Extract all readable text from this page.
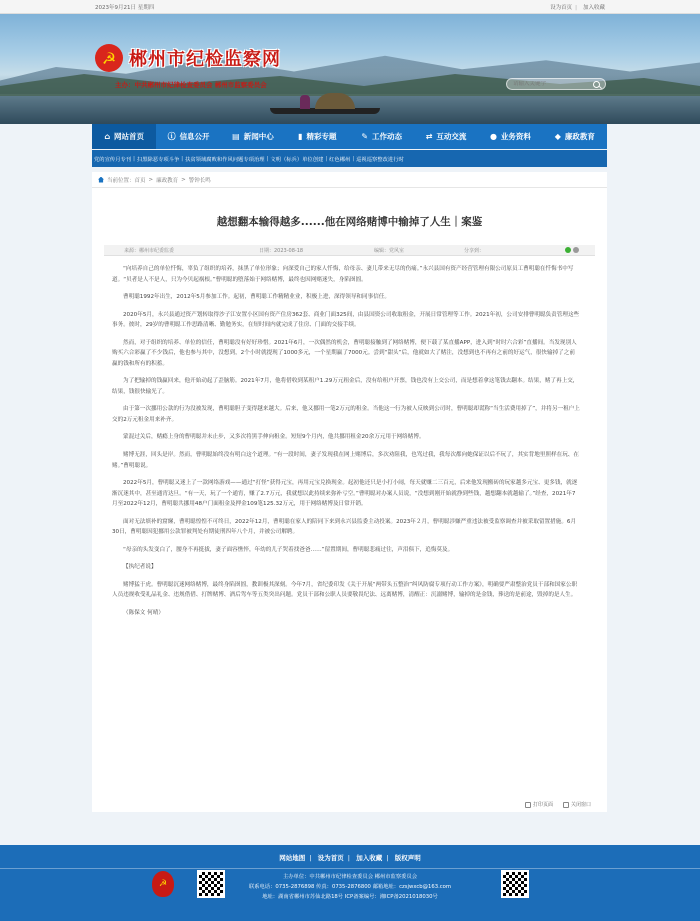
2023年9月21日 星期四	设为首页 | 加入收藏
☭ 郴州市纪检监察网
主办：中共郴州市纪律检查委员会 郴州市监察委员会
请输入关键字
⌂ 网站首页	ⓘ 信息公开	▤ 新闻中心	▮ 精彩专题	✎ 工作动态	⇄ 互动交流	● 业务资料	◆ 廉政教育
党的宣传月专刊 | 扫黑除恶专项斗争 | 扶贫领域腐败和作风问题专项治理 | 文明（标兵）单位创建 | 红色郴州 | 巡视巡察整改进行时
当前位置： 首页 > 廉政教育 > 警钟长鸣
越想翻本输得越多......他在网络赌博中输掉了人生｜案鉴
来源：郴州市纪委监委	日期：2023-08-18	编辑：党风室	分享到：

“向培养自己的单位忏悔，辜负了组织的培养，抹黑了单位形象；向深爱自己的家人忏悔，给母亲、妻儿带来无尽的伤痛。”永兴县国有资产经营管理有限公司原员工曹明聪在忏悔书中写道。“贝者是人不是人，只为今贝起祸根。”曹明聪的堕落始于网络赌博，最终也因网赌迷失，身陷囹圄。

曹明聪1992年出生，2012年5月参加工作。起初，曹明聪工作精精业业，积极上进，深得领导和同事信任。

2020年5月，永兴县通过资产划转取得沙子江安置小区国有资产住房362套、商业门面325间，由县国资公司收取租金，开展日常管理等工作。2021年初，公司安排曹明聪负责管理这些事务。彼时，29岁的曹明聪工作思路清晰、勤勉务实，在短时间内就完成了住房、门面的交接手续。

然而，对于组织的培养、单位的信任，曹明聪没有好好珍惜。2021年6月，一次偶然的机会，曹明聪接触到了网络赌博，便下载了某直播APP，进入到“时时六合彩”直播间。当发现别人购买六合彩赢了不少钱后，他也参与其中，没想到，2个小时就提现了1000多元，一个星期赢了7000元。尝到“甜头”后，他就如大了赌注，没想到也不再有之前的好运气，很快输掉了之前赢的钱和所有的积蓄。

为了把输掉的钱赢回来，他开始动起了歪脑筋。2021年7月，他将借收到某租户1.29万元租金后，没有给租户开票，钱也没有上交公司，而是想着拿这笔钱去翻本。结果，赌了再上交，结果，钱很快输光了。

由于第一次挪用公款的行为没被发现，曹明聪胆子变得越来越大。后来，他又挪用一笔2万元的租金。当他这一行为被人反映到公司时，曹明聪却谎称“当生活费用掉了”，并将另一租户上交的2万元租金用来补齐。

蒙混过关后，赌瘾上身的曹明聪并未止步，又多次将黑手伸向租金。短短9个月内，他共挪用租金20余万元用于网络赌博。

赌博无涯，回头是岸。然而，曹明聪始终没有明白这个道理。“有一段时间，妻子发现我在网上赌博后，多次劝阻我，也骂过我，我每次都向她保证以后不玩了，其实背地里照样在玩、在赌。”曹明聪说。

2022年5月，曹明聪又迷上了一款网络游戏——通过“打怪”获得元宝，再用元宝兑换现金。起初他还只是小打小闹，每天就赚二三百元，后来他发现搬砖的玩家越多元宝、更多钱，就逐渐沉迷其中，甚至通宵达旦。“有一天，玩了一个通宵，赚了2.7万元，我就想以此持续来弥补亏空。”曹明聪对办案人员说，“没想到刚开始就挣到些钱，越想翻本就越输了。”经查，2021年7月至2022年12月，曹明聪共挪用48户门面租金及押金109笔125.32万元，用于网络赌博及日常开销。

面对无法填补的窟窿，曹明聪惶惶不可终日，2022年12月，曹明聪在家人的陪同下来到永兴县监委主动投案。2023年２月，曹明聪涉嫌严重违法被受监察调查并被采取留置措施。6月30日，曹明聪因犯挪用公款罪被判处有期徒刑四年八个月，并被公司解聘。

“母亲的头发变白了，腰身不再挺拔，妻子面容憔悴，年幼的儿子哭着找爸爸……”留置期间，曹明聪悲痛过往，声泪俱下，追悔莫及。

【执纪者说】

赌博猛于虎。曹明聪沉迷网络赌博，最终身陷囹圄，教训极其深刻。今年7月，省纪委印发《关于开展“两带头五整治”纠风防腐专项行动工作方案》，明确要严肃整治党员干部和国家公职人员违规收受礼品礼金、违规借借、打牌赌博、酒后驾车等五类突出问题。党员干部和公职人员要敬畏纪法、远离赌博，清醒正：沉溺赌博，输掉的是金钱，葬送的是前途，毁掉的是人生。

（陈保文 何晴）

打印页面	关闭窗口
网站地图 | 设为首页 | 加入收藏 | 版权声明
☭
主办单位：中共郴州市纪律检查委员会 郴州市监察委员会
联系电话：0735-2876898 传真：0735-2876800 邮箱地址：czsjwxcb@163.com
地址：湖南省郴州市苏仙北路18号 ICP备案编号：湘ICP备2021018030号
